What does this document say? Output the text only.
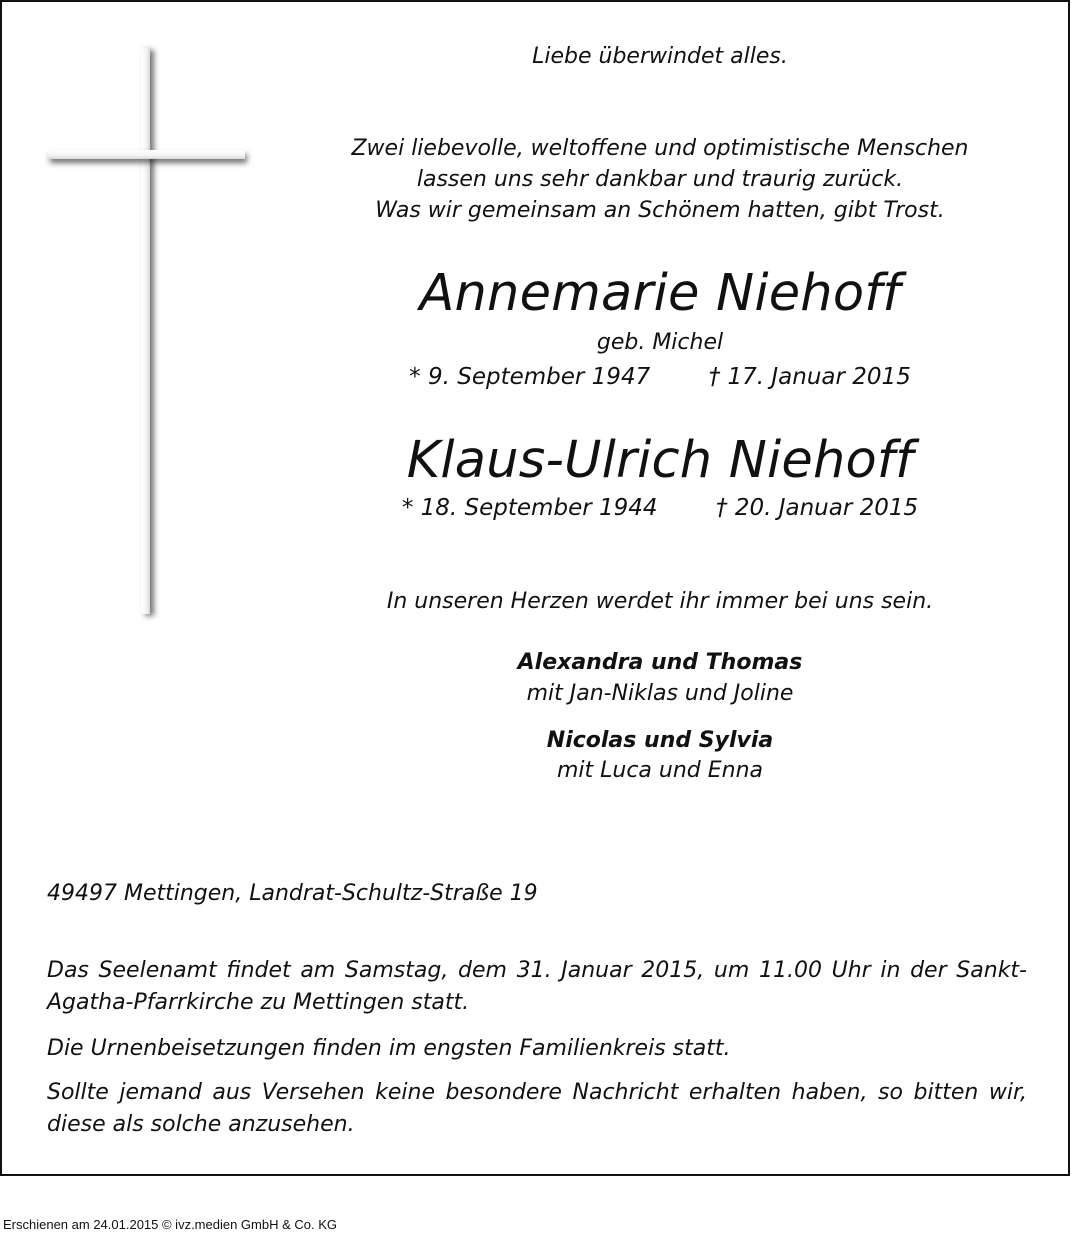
Liebe überwindet alles.
Zwei liebevolle, weltoffene und optimistische Menschen
lassen uns sehr dankbar und traurig zurück.
Was wir gemeinsam an Schönem hatten, gibt Trost.
Annemarie Niehoff
geb. Michel
* 9. September 1947        † 17. Januar 2015
Klaus-Ulrich Niehoff
* 18. September 1944        † 20. Januar 2015
In unseren Herzen werdet ihr immer bei uns sein.
Alexandra und Thomas
mit Jan-Niklas und Joline
Nicolas und Sylvia
mit Luca und Enna
49497 Mettingen, Landrat-Schultz-Straße 19
Das Seelenamt findet am Samstag, dem 31. Januar 2015, um 11.00 Uhr in der Sankt-Agatha-Pfarrkirche zu Mettingen statt.
Die Urnenbeisetzungen finden im engsten Familienkreis statt.
Sollte jemand aus Versehen keine besondere Nachricht erhalten haben, so bitten wir, diese als solche anzusehen.
Erschienen am 24.01.2015 © ivz.medien GmbH & Co. KG
